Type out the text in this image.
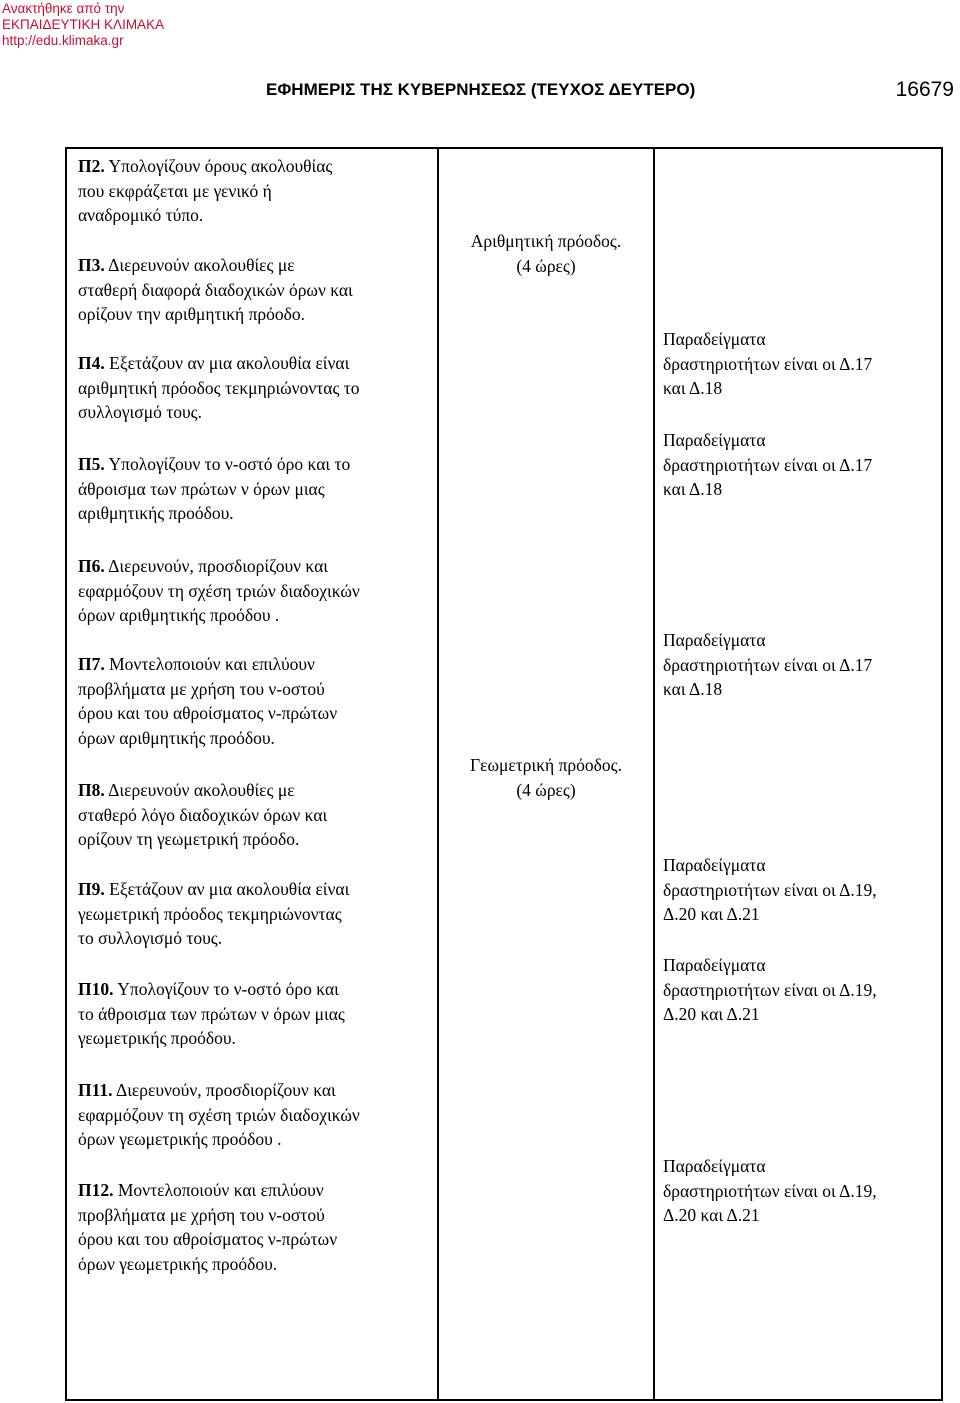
Ανακτήθηκε από την
ΕΚΠΑΙΔΕΥΤΙΚΗ ΚΛΙΜΑΚΑ
http://edu.klimaka.gr
ΕΦΗΜΕΡΙΣ ΤΗΣ ΚΥΒΕΡΝΗΣΕΩΣ (ΤΕΥΧΟΣ ΔΕΥΤΕΡΟ)	16679
Π2. Υπολογίζουν όρους ακολουθίας
που εκφράζεται με γενικό ή
αναδρομικό τύπο.
Π3. Διερευνούν ακολουθίες με
σταθερή διαφορά διαδοχικών όρων και
ορίζουν την αριθμητική πρόοδο.
Π4. Εξετάζουν αν μια ακολουθία είναι
αριθμητική πρόοδος τεκμηριώνοντας το
συλλογισμό τους.
Π5. Υπολογίζουν το ν-οστό όρο και το
άθροισμα των πρώτων ν όρων μιας
αριθμητικής προόδου.
Π6. Διερευνούν, προσδιορίζουν και
εφαρμόζουν τη σχέση τριών διαδοχικών
όρων αριθμητικής προόδου .
Π7. Μοντελοποιούν και επιλύουν
προβλήματα με χρήση του ν-οστού
όρου και του αθροίσματος ν-πρώτων
όρων αριθμητικής προόδου.
Π8. Διερευνούν ακολουθίες με
σταθερό λόγο διαδοχικών όρων και
ορίζουν τη γεωμετρική πρόοδο.
Π9. Εξετάζουν αν μια ακολουθία είναι
γεωμετρική πρόοδος τεκμηριώνοντας
το συλλογισμό τους.
Π10. Υπολογίζουν το ν-οστό όρο και
το άθροισμα των πρώτων ν όρων μιας
γεωμετρικής προόδου.
Π11. Διερευνούν, προσδιορίζουν και
εφαρμόζουν τη σχέση τριών διαδοχικών
όρων γεωμετρικής προόδου .
Π12. Μοντελοποιούν και επιλύουν
προβλήματα με χρήση του ν-οστού
όρου και του αθροίσματος ν-πρώτων
όρων γεωμετρικής προόδου.
Αριθμητική πρόοδος.
(4 ώρες)
Γεωμετρική πρόοδος.
(4 ώρες)
Παραδείγματα
δραστηριοτήτων είναι οι Δ.17
και Δ.18
Παραδείγματα
δραστηριοτήτων είναι οι Δ.17
και Δ.18
Παραδείγματα
δραστηριοτήτων είναι οι Δ.17
και Δ.18
Παραδείγματα
δραστηριοτήτων είναι οι Δ.19,
Δ.20 και Δ.21
Παραδείγματα
δραστηριοτήτων είναι οι Δ.19,
Δ.20 και Δ.21
Παραδείγματα
δραστηριοτήτων είναι οι Δ.19,
Δ.20 και Δ.21
